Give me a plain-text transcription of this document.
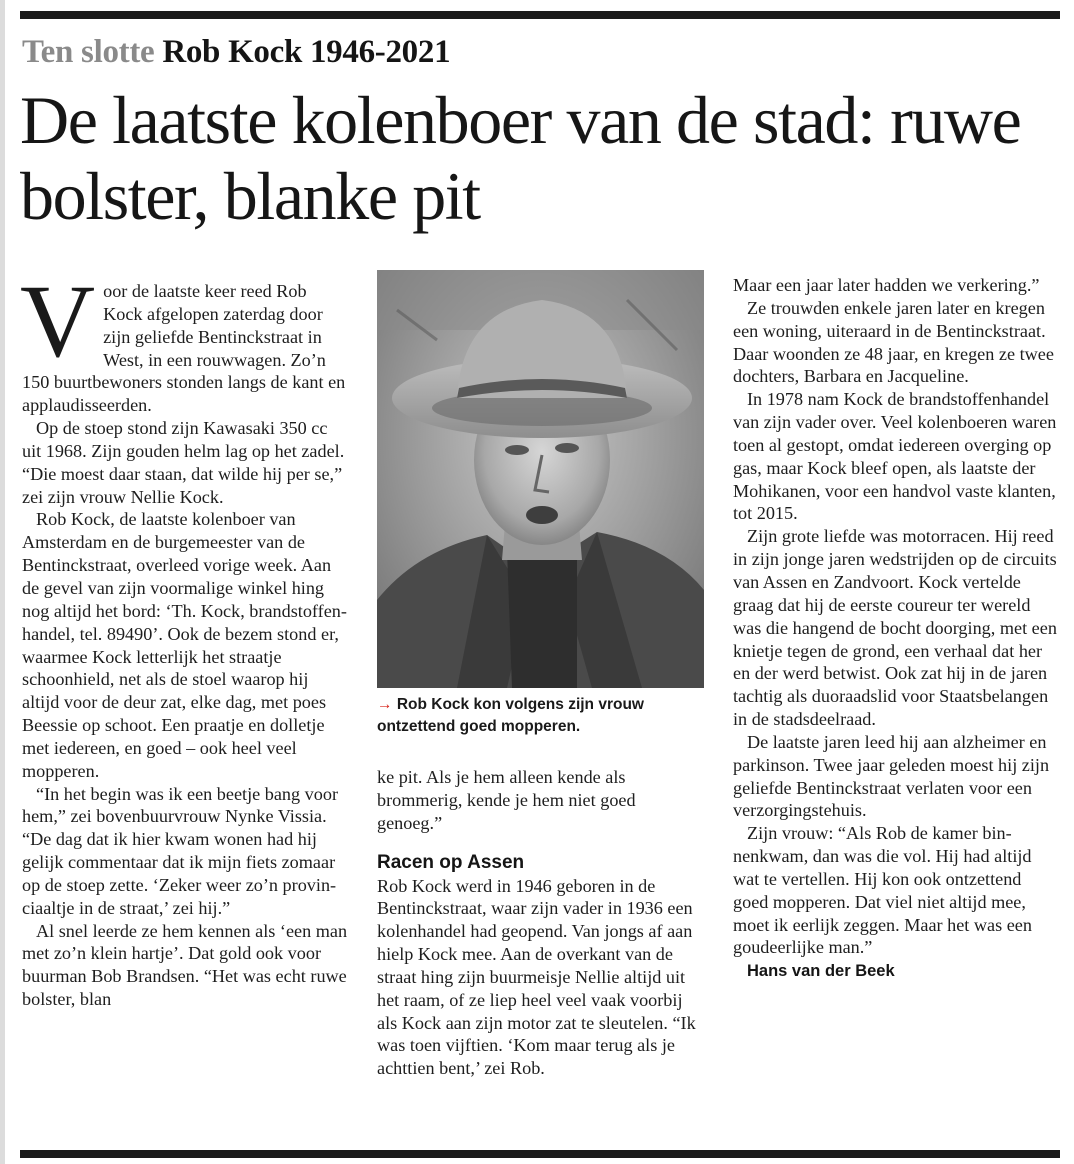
Ten slotte Rob Kock 1946-2021
De laatste kolenboer van de stad: ruwe bolster, blanke pit

Voor de laatste keer reed Rob Kock afgelopen zaterdag door zijn geliefde Bentinckstraat in West, in een rouwwagen. Zo’n 150 buurtbewoners stonden langs de kant en applaudisseerden.

Op de stoep stond zijn Kawasaki 350 cc uit 1968. Zijn gouden helm lag op het zadel. “Die moest daar staan, dat wilde hij per se,” zei zijn vrouw Nellie Kock.

Rob Kock, de laatste kolenboer van Amsterdam en de burgemeester van de Bentinckstraat, overleed vorige week. Aan de gevel van zijn voormalige winkel hing nog altijd het bord: ‘Th. Kock, brandstoffenhandel, tel. 89490’. Ook de bezem stond er, waarmee Kock letterlijk het straatje schoonhield, net als de stoel waarop hij altijd voor de deur zat, elke dag, met poes Beessie op schoot. Een praatje en dolletje met iedereen, en goed – ook heel veel mopperen.

“In het begin was ik een beetje bang voor hem,” zei bovenbuurvrouw Nynke Vissia. “De dag dat ik hier kwam wonen had hij gelijk commentaar dat ik mijn fiets zomaar op de stoep zette. ‘Zeker weer zo’n provinciaaltje in de straat,’ zei hij.”

Al snel leerde ze hem kennen als ‘een man met zo’n klein hartje’. Dat gold ook voor buurman Bob Brandsen. “Het was echt ruwe bolster, blan

→ Rob Kock kon volgens zijn vrouw ontzettend goed mopperen.

ke pit. Als je hem alleen kende als brommerig, kende je hem niet goed genoeg.”

Racen op Assen

Rob Kock werd in 1946 geboren in de Bentinckstraat, waar zijn vader in 1936 een kolenhandel had geopend. Van jongs af aan hielp Kock mee. Aan de overkant van de straat hing zijn buurmeisje Nellie altijd uit het raam, of ze liep heel veel vaak voorbij als Kock aan zijn motor zat te sleutelen. “Ik was toen vijftien. ‘Kom maar terug als je achttien bent,’ zei Rob.

Maar een jaar later hadden we verkering.”

Ze trouwden enkele jaren later en kregen een woning, uiteraard in de Bentinckstraat. Daar woonden ze 48 jaar, en kregen ze twee dochters, Barbara en Jacqueline.

In 1978 nam Kock de brandstoffenhandel van zijn vader over. Veel kolenboeren waren toen al gestopt, omdat iedereen overging op gas, maar Kock bleef open, als laatste der Mohikanen, voor een handvol vaste klanten, tot 2015.

Zijn grote liefde was motorracen. Hij reed in zijn jonge jaren wedstrijden op de circuits van Assen en Zandvoort. Kock vertelde graag dat hij de eerste coureur ter wereld was die hangend de bocht doorging, met een knietje tegen de grond, een verhaal dat her en der werd betwist. Ook zat hij in de jaren tachtig als duoraadslid voor Staatsbelangen in de stadsdeelraad.

De laatste jaren leed hij aan alzheimer en parkinson. Twee jaar geleden moest hij zijn geliefde Bentinckstraat verlaten voor een verzorgingstehuis.

Zijn vrouw: “Als Rob de kamer binnenkwam, dan was die vol. Hij had altijd wat te vertellen. Hij kon ook ontzettend goed mopperen. Dat viel niet altijd mee, moet ik eerlijk zeggen. Maar het was een goudeerlijke man.”

Hans van der Beek
